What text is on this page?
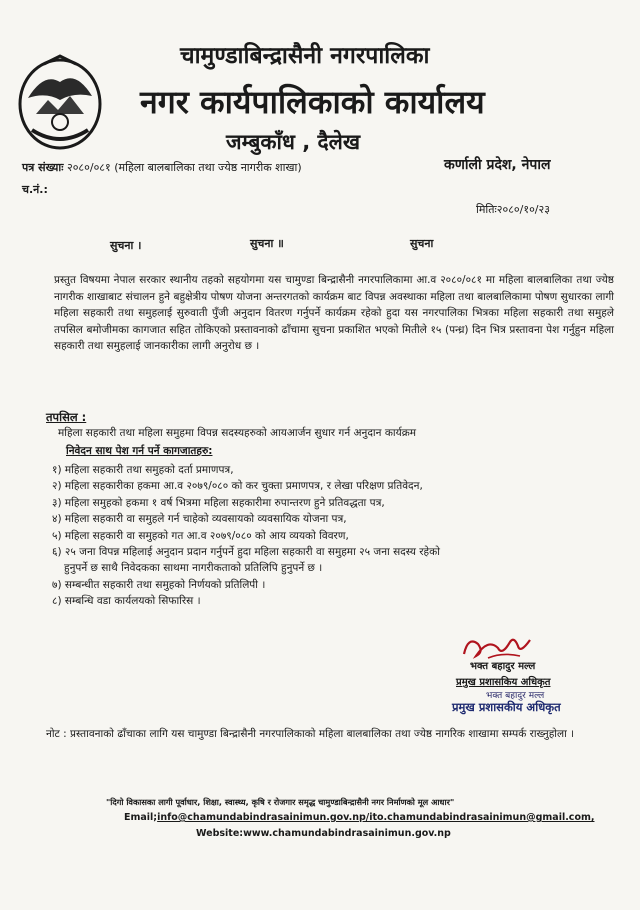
चामुण्डाबिन्द्रासैनी नगरपालिका
नगर कार्यपालिकाको कार्यालय
जम्बुकाँध , दैलेख
पत्र संख्याः २०८०/०८१ (महिला बालबालिका तथा ज्येष्ठ नागरीक शाखा)	कर्णाली प्रदेश, नेपाल
च.नं.:
मितिः२०८०/१०/२३
सुचना ।	सुचना ॥	सुचना
प्रस्तुत विषयमा नेपाल सरकार स्थानीय तहको सहयोगमा यस चामुण्डा बिन्द्रासैनी नगरपालिकामा आ.व २०८०/०८१ मा महिला बालबालिका तथा ज्येष्ठ नागरीक शाखाबाट संचालन हुने बहुक्षेत्रीय पोषण योजना अन्तरगतको कार्यक्रम बाट विपन्न अवस्थाका महिला तथा बालबालिकामा पोषण सुधारका लागी महिला सहकारी तथा समुहलाई सुरुवाती पुँजी अनुदान वितरण गर्नुपर्ने कार्यक्रम रहेको हुदा यस नगरपालिका भित्रका महिला सहकारी तथा समुहले तपसिल बमोजीमका कागजात सहित तोकिएको प्रस्तावनाको ढाँचामा सुचना प्रकाशित भएको मितीले १५ (पन्ध्र) दिन भित्र प्रस्तावना पेश गर्नुहुन महिला सहकारी तथा समुहलाई जानकारीका लागी अनुरोध छ ।
तपसिल :
महिला सहकारी तथा महिला समुहमा विपन्न सदस्यहरुको आयआर्जन सुधार गर्न अनुदान कार्यक्रम
निवेदन साथ पेश गर्न पर्ने कागजातहरु:
१) महिला सहकारी तथा समुहको दर्ता प्रमाणपत्र,
२) महिला सहकारीका हकमा आ.व २०७९/०८० को कर चुक्ता प्रमाणपत्र, र लेखा परिक्षण प्रतिवेदन,
३) महिला समुहको हकमा १ वर्ष भित्रमा महिला सहकारीमा रुपान्तरण हुने प्रतिवद्धता पत्र,
४) महिला सहकारी वा समुहले गर्न चाहेको व्यवसायको व्यवसायिक योजना पत्र,
५) महिला सहकारी वा समुहको गत आ.व २०७९/०८० को आय व्ययको विवरण,
६) २५ जना विपन्न महिलाई अनुदान प्रदान गर्नुपर्ने हुदा महिला सहकारी वा समुहमा २५ जना सदस्य रहेको
हुनुपर्ने छ साथै निवेदकका साथमा नागरीकताको प्रतिलिपि हुनुपर्ने छ ।
७) सम्बन्धीत सहकारी तथा समुहको निर्णयको प्रतिलिपी ।
८) सम्बन्धि वडा कार्यलयको सिफारिस ।
भक्त बहादुर मल्ल
प्रमुख प्रशासकिय अधिकृत
भक्त बहादुर मल्ल
प्रमुख प्रशासकीय अधिकृत
नोट : प्रस्तावनाको ढाँचाका लागि यस चामुण्डा बिन्द्रासैनी नगरपालिकाको महिला बालबालिका तथा ज्येष्ठ नागरिक शाखामा सम्पर्क राख्नुहोला ।
"दिगो विकासका लागी पूर्वाधार, शिक्षा, स्वास्थ्य, कृषि र रोजगार समृद्ध चामुण्डाबिन्द्रासैनी नगर निर्माणको मूल आधार"
Email;info@chamundabindrasainimun.gov.np/ito.chamundabindrasainimun@gmail.com,
Website:www.chamundabindrasainimun.gov.np
